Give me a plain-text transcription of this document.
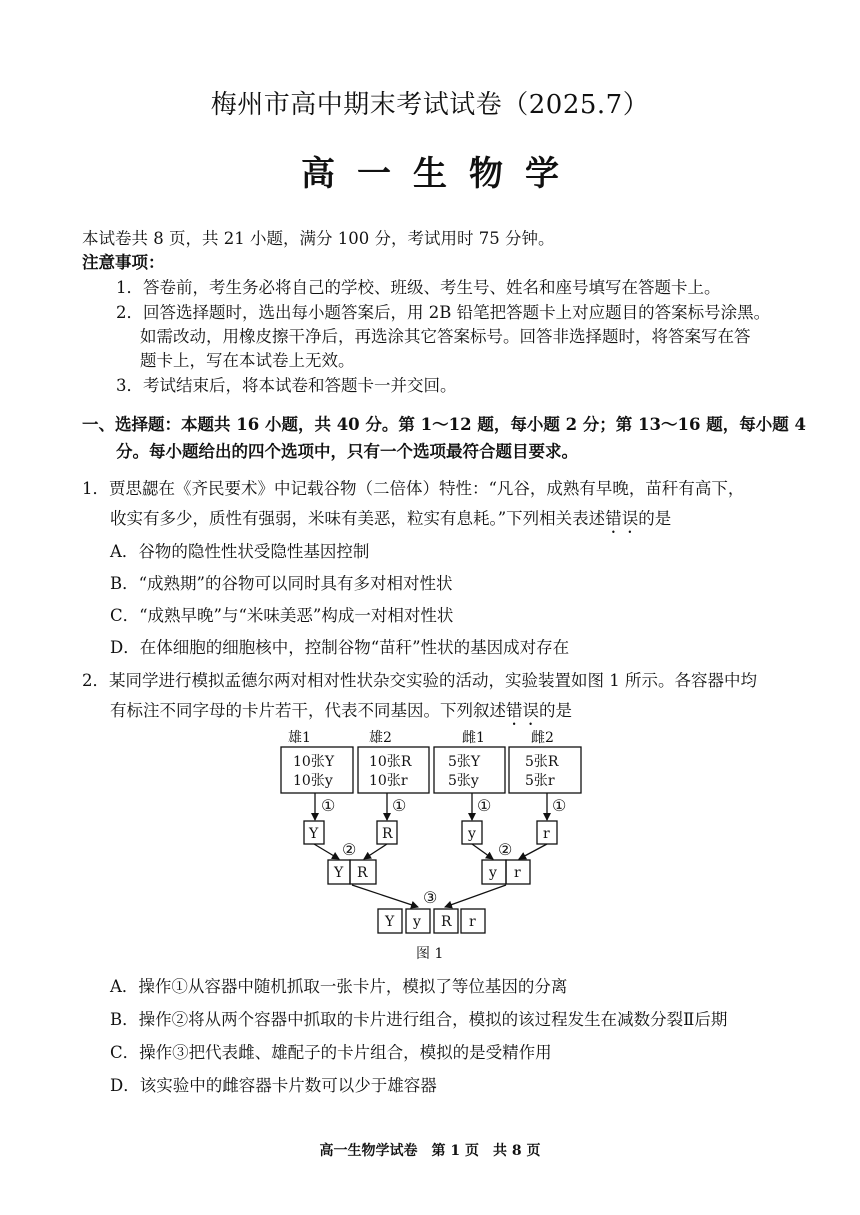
梅州市高中期末考试试卷（2025.7）
高一生物学
本试卷共 8 页，共 21 小题，满分 100 分，考试用时 75 分钟。
注意事项：
1．答卷前，考生务必将自己的学校、班级、考生号、姓名和座号填写在答题卡上。
2．回答选择题时，选出每小题答案后，用 2B 铅笔把答题卡上对应题目的答案标号涂黑。
如需改动，用橡皮擦干净后，再选涂其它答案标号。回答非选择题时，将答案写在答
题卡上，写在本试卷上无效。
3．考试结束后，将本试卷和答题卡一并交回。
一、选择题：本题共 16 小题，共 40 分。第 1～12 题，每小题 2 分；第 13～16 题，每小题 4
分。每小题给出的四个选项中，只有一个选项最符合题目要求。
1．贾思勰在《齐民要术》中记载谷物（二倍体）特性：“凡谷，成熟有早晚，苗秆有高下，
收实有多少，质性有强弱，米味有美恶，粒实有息耗。”下列相关表述错误的是
A．谷物的隐性性状受隐性基因控制
B．“成熟期”的谷物可以同时具有多对相对性状
C．“成熟早晚”与“米味美恶”构成一对相对性状
D．在体细胞的细胞核中，控制谷物“苗秆”性状的基因成对存在
2．某同学进行模拟孟德尔两对相对性状杂交实验的活动，实验装置如图 1 所示。各容器中均
有标注不同字母的卡片若干，代表不同基因。下列叙述错误的是
雄1	雄2	雌1	雌2
10张Y
10张y
10张R
10张r
5张Y
5张y
5张R
5张r
①	①	①	①
②	②
③
Y	R	y	r
Y R	y r
Y y R r
图 1
A．操作①从容器中随机抓取一张卡片，模拟了等位基因的分离
B．操作②将从两个容器中抓取的卡片进行组合，模拟的该过程发生在减数分裂Ⅱ后期
C．操作③把代表雌、雄配子的卡片组合，模拟的是受精作用
D．该实验中的雌容器卡片数可以少于雄容器
高一生物学试卷　第 1 页　共 8 页
